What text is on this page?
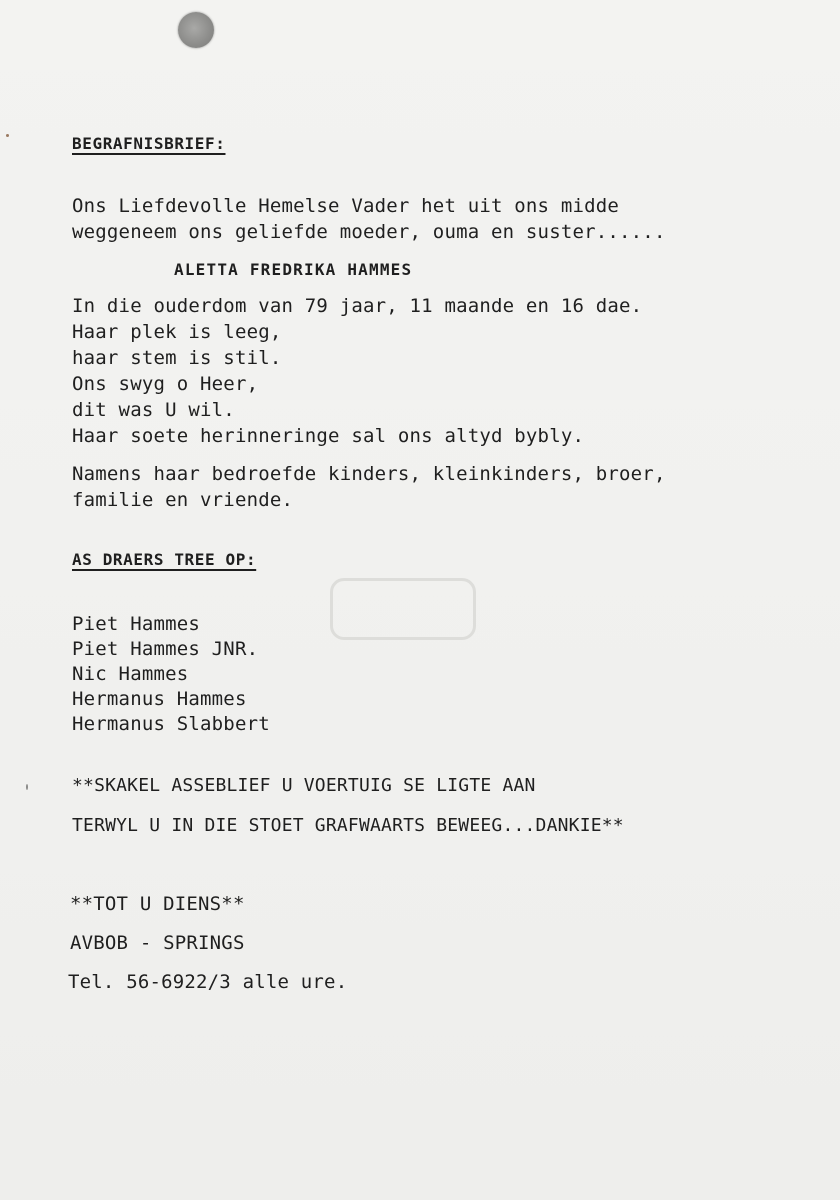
BEGRAFNISBRIEF:
Ons Liefdevolle Hemelse Vader het uit ons midde
weggeneem ons geliefde moeder, ouma en suster......
ALETTA FREDRIKA HAMMES
In die ouderdom van 79 jaar, 11 maande en 16 dae.
Haar plek is leeg,
haar stem is stil.
Ons swyg o Heer,
dit was U wil.
Haar soete herinneringe sal ons altyd bybly.
Namens haar bedroefde kinders, kleinkinders, broer,
familie en vriende.
AS DRAERS TREE OP:
Piet Hammes
Piet Hammes JNR.
Nic Hammes
Hermanus Hammes
Hermanus Slabbert
**SKAKEL ASSEBLIEF U VOERTUIG SE LIGTE AAN
TERWYL U IN DIE STOET GRAFWAARTS BEWEEG...DANKIE**
**TOT U DIENS**
AVBOB - SPRINGS
Tel. 56-6922/3 alle ure.
